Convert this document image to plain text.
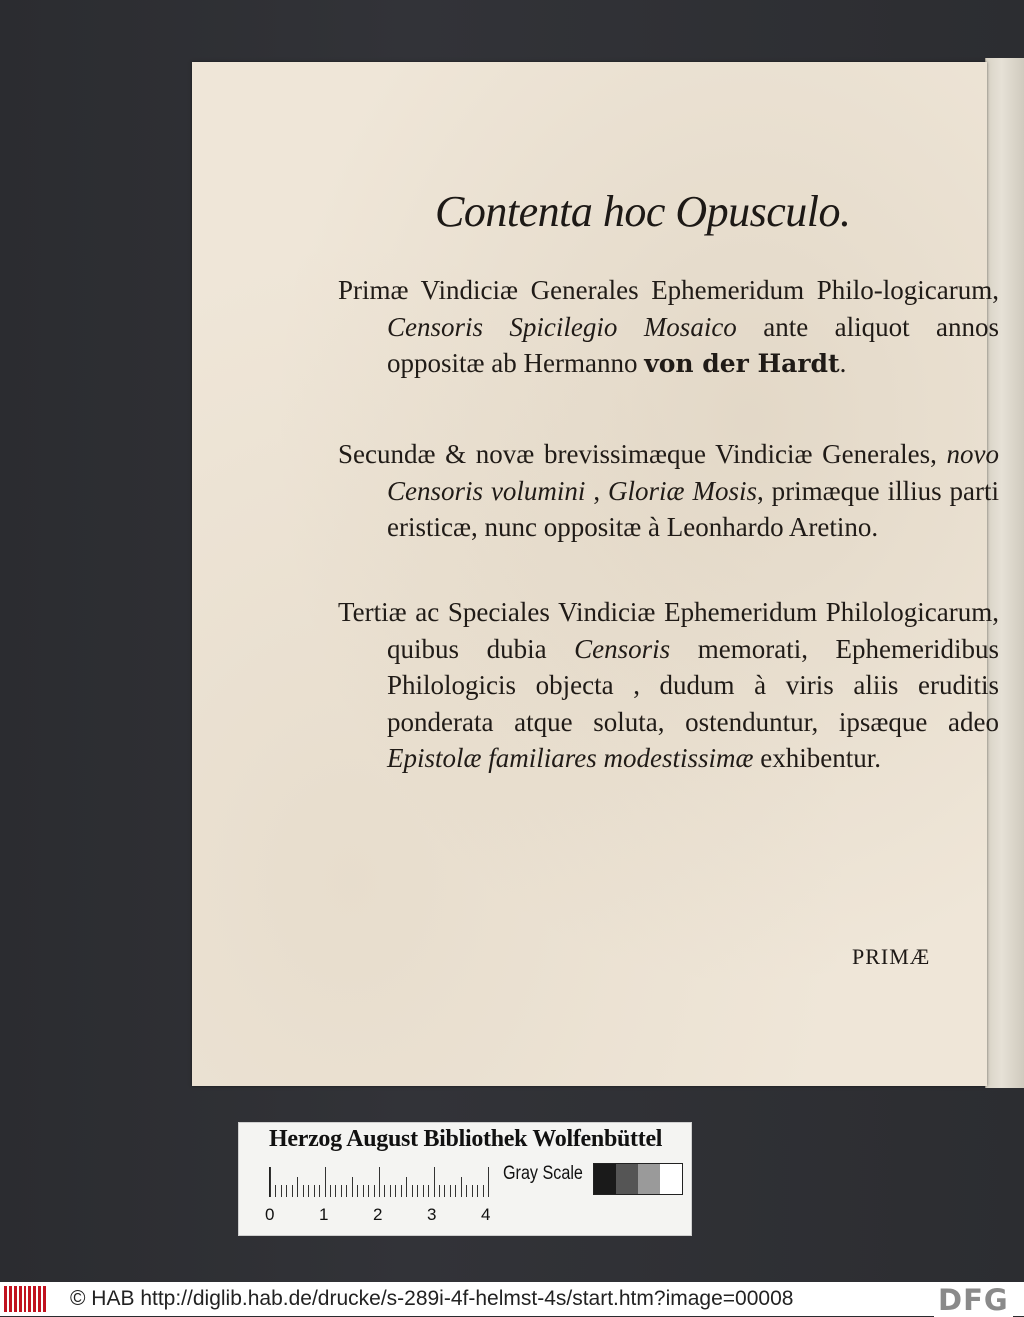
Contenta hoc Opusculo.
Primæ Vindiciæ Generales Ephemeridum Philo-logicarum, Censoris Spicilegio Mosaico ante aliquot annos oppositæ ab Hermanno von der Hardt.
Secundæ & novæ brevissimæque Vindiciæ Generales, novo Censoris volumini , Gloriæ Mosis, primæque illius parti eristicæ, nunc oppositæ à Leonhardo Aretino.
Tertiæ ac Speciales Vindiciæ Ephemeridum Philologicarum, quibus dubia Censoris memorati, Ephemeridibus Philologicis objecta , dudum à viris aliis eruditis ponderata atque soluta, ostenduntur, ipsæque adeo Epistolæ familiares modestissimæ exhibentur.
PRIMÆ
Herzog August Bibliothek Wolfenbüttel
0	1	2	3	4
Gray Scale
© HAB http://diglib.hab.de/drucke/s-289i-4f-helmst-4s/start.htm?image=00008	DFG
